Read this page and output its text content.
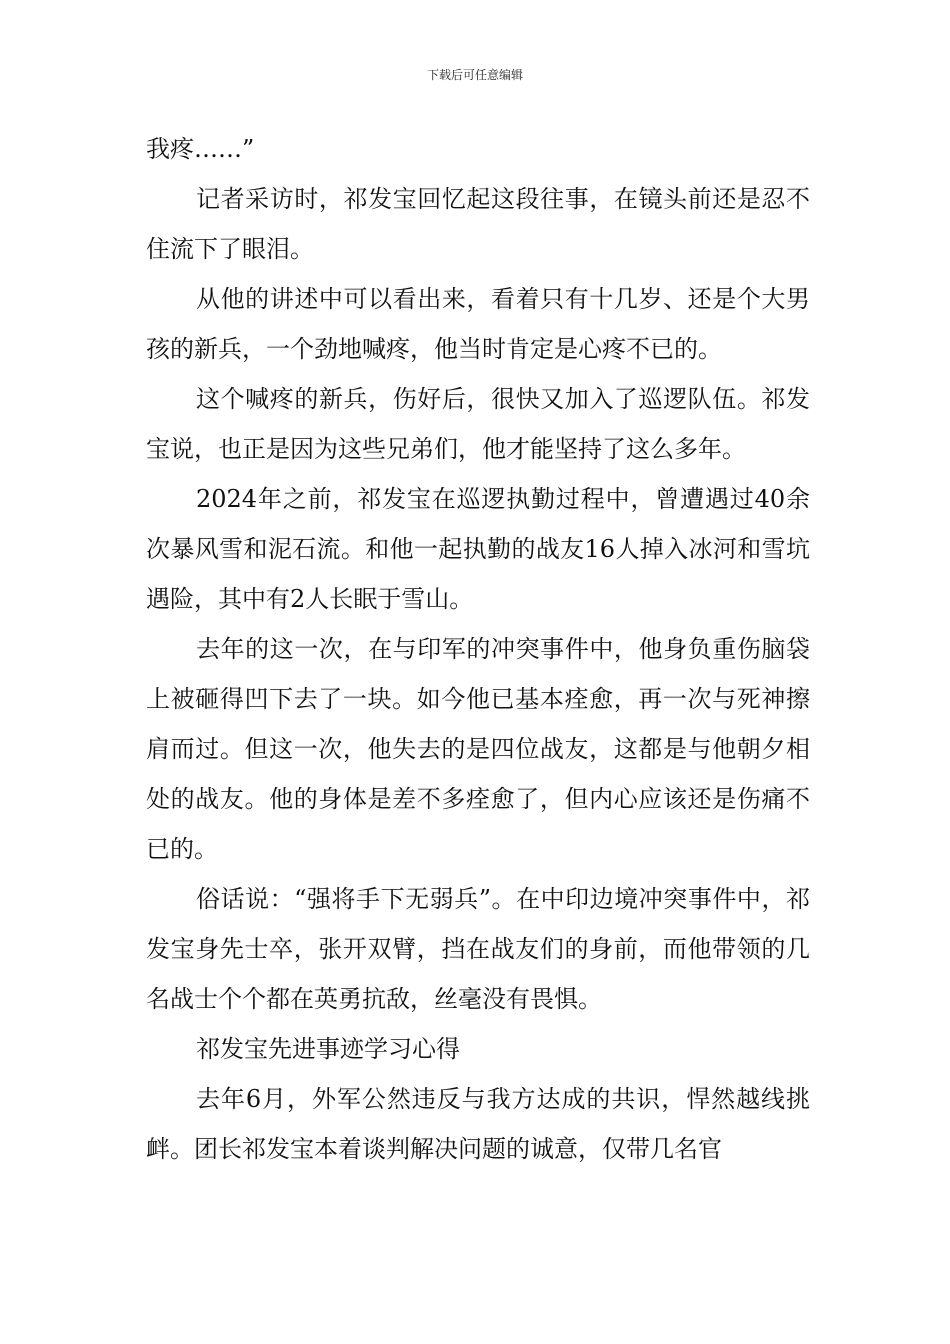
下载后可任意编辑

我疼……”

记者采访时，祁发宝回忆起这段往事，在镜头前还是忍不住流下了眼泪。

从他的讲述中可以看出来，看着只有十几岁、还是个大男孩的新兵，一个劲地喊疼，他当时肯定是心疼不已的。

这个喊疼的新兵，伤好后，很快又加入了巡逻队伍。祁发宝说，也正是因为这些兄弟们，他才能坚持了这么多年。

2024年之前，祁发宝在巡逻执勤过程中，曾遭遇过40余次暴风雪和泥石流。和他一起执勤的战友16人掉入冰河和雪坑遇险，其中有2人长眠于雪山。

去年的这一次，在与印军的冲突事件中，他身负重伤脑袋上被砸得凹下去了一块。如今他已基本痊愈，再一次与死神擦肩而过。但这一次，他失去的是四位战友，这都是与他朝夕相处的战友。他的身体是差不多痊愈了，但内心应该还是伤痛不已的。

俗话说：“强将手下无弱兵”。在中印边境冲突事件中，祁发宝身先士卒，张开双臂，挡在战友们的身前，而他带领的几名战士个个都在英勇抗敌，丝毫没有畏惧。

祁发宝先进事迹学习心得

去年6月，外军公然违反与我方达成的共识，悍然越线挑衅。团长祁发宝本着谈判解决问题的诚意，仅带几名官
